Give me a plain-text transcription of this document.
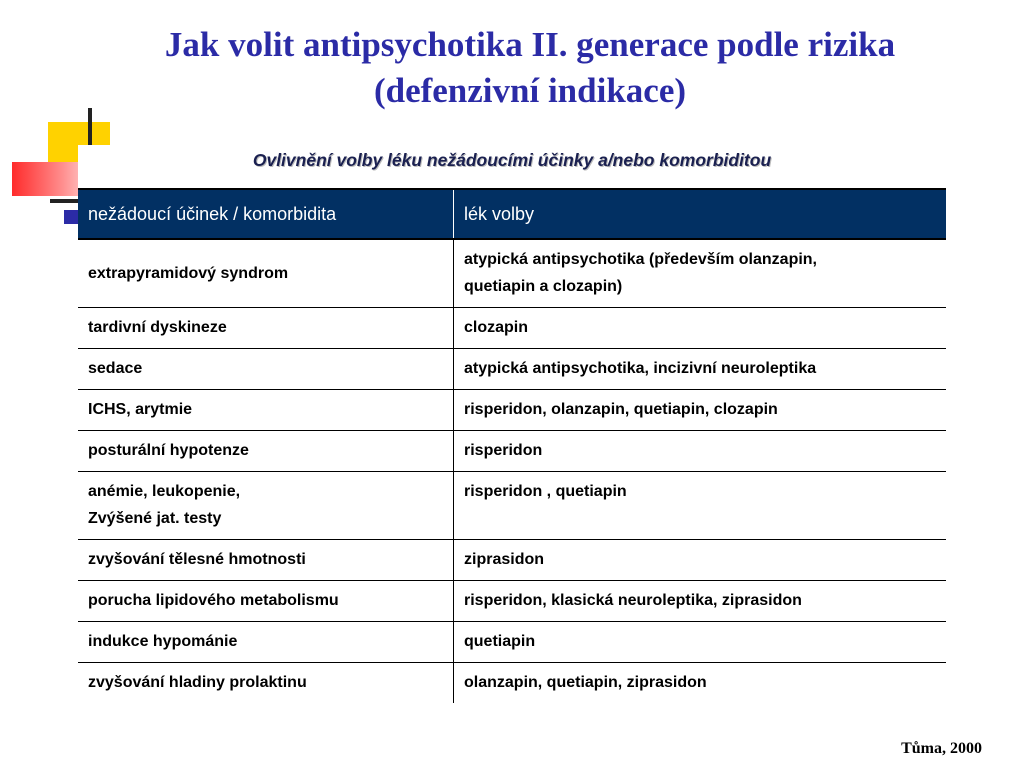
Jak volit antipsychotika II. generace podle rizika
(defenzivní indikace)
Ovlivnění volby léku nežádoucími účinky a/nebo komorbiditou
nežádoucí účinek / komorbidita	lék volby

extrapyramidový syndrom	atypická antipsychotika (především olanzapin,
quetiapin a clozapin)

tardivní dyskineze	clozapin

sedace	atypická antipsychotika, incizivní neuroleptika

ICHS, arytmie	risperidon, olanzapin, quetiapin, clozapin

posturální hypotenze	risperidon

anémie, leukopenie,
Zvýšené jat. testy	risperidon , quetiapin

zvyšování tělesné hmotnosti	ziprasidon

porucha lipidového metabolismu	risperidon, klasická neuroleptika, ziprasidon

indukce hypománie	quetiapin

zvyšování hladiny prolaktinu	olanzapin, quetiapin, ziprasidon
Tůma, 2000
